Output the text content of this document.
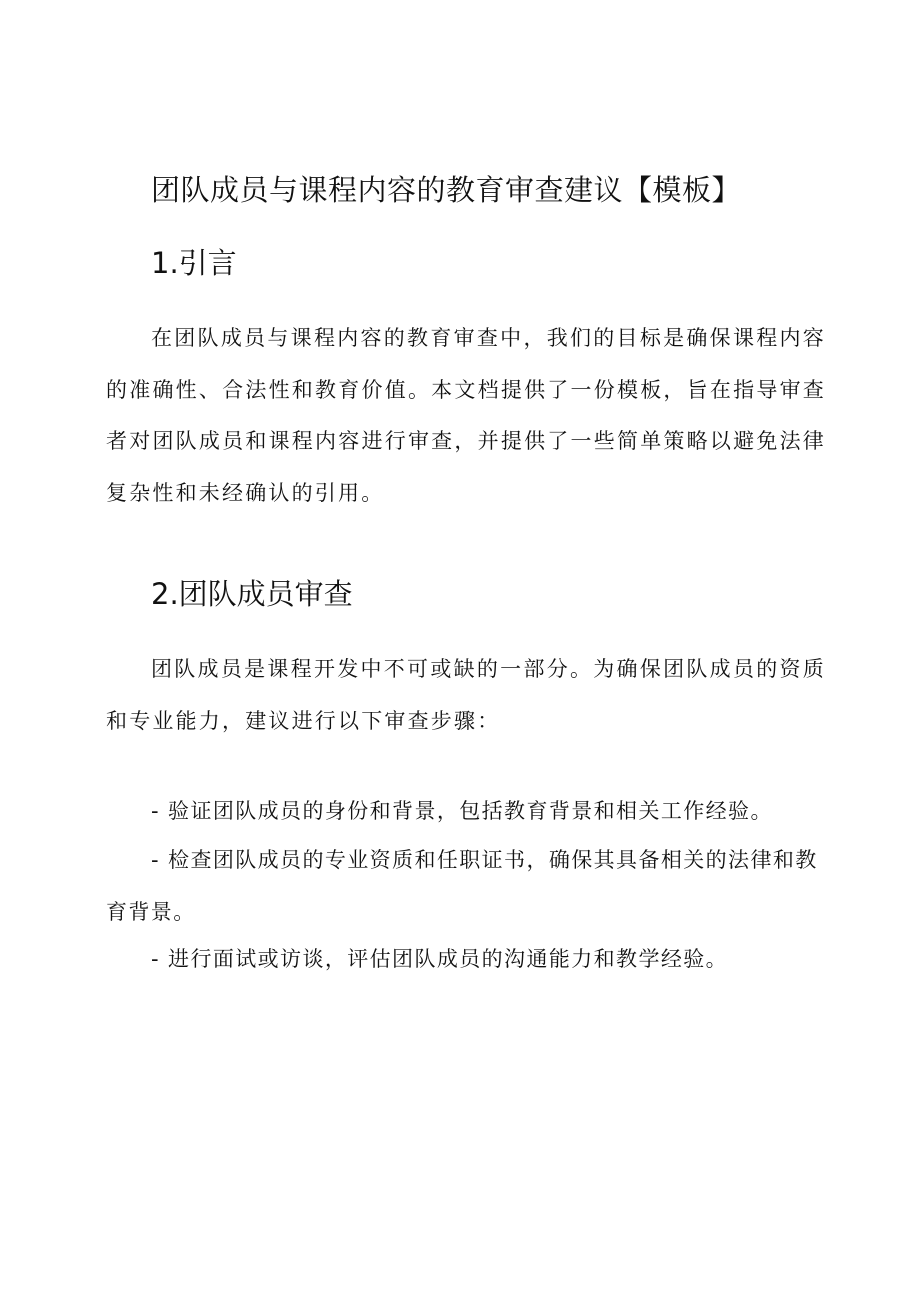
团队成员与课程内容的教育审查建议【模板】
1.引言

在团队成员与课程内容的教育审查中，我们的目标是确保课程内容的准确性、合法性和教育价值。本文档提供了一份模板，旨在指导审查者对团队成员和课程内容进行审查，并提供了一些简单策略以避免法律复杂性和未经确认的引用。

2.团队成员审查

团队成员是课程开发中不可或缺的一部分。为确保团队成员的资质和专业能力，建议进行以下审查步骤：

- 验证团队成员的身份和背景，包括教育背景和相关工作经验。

- 检查团队成员的专业资质和任职证书，确保其具备相关的法律和教育背景。

- 进行面试或访谈，评估团队成员的沟通能力和教学经验。
